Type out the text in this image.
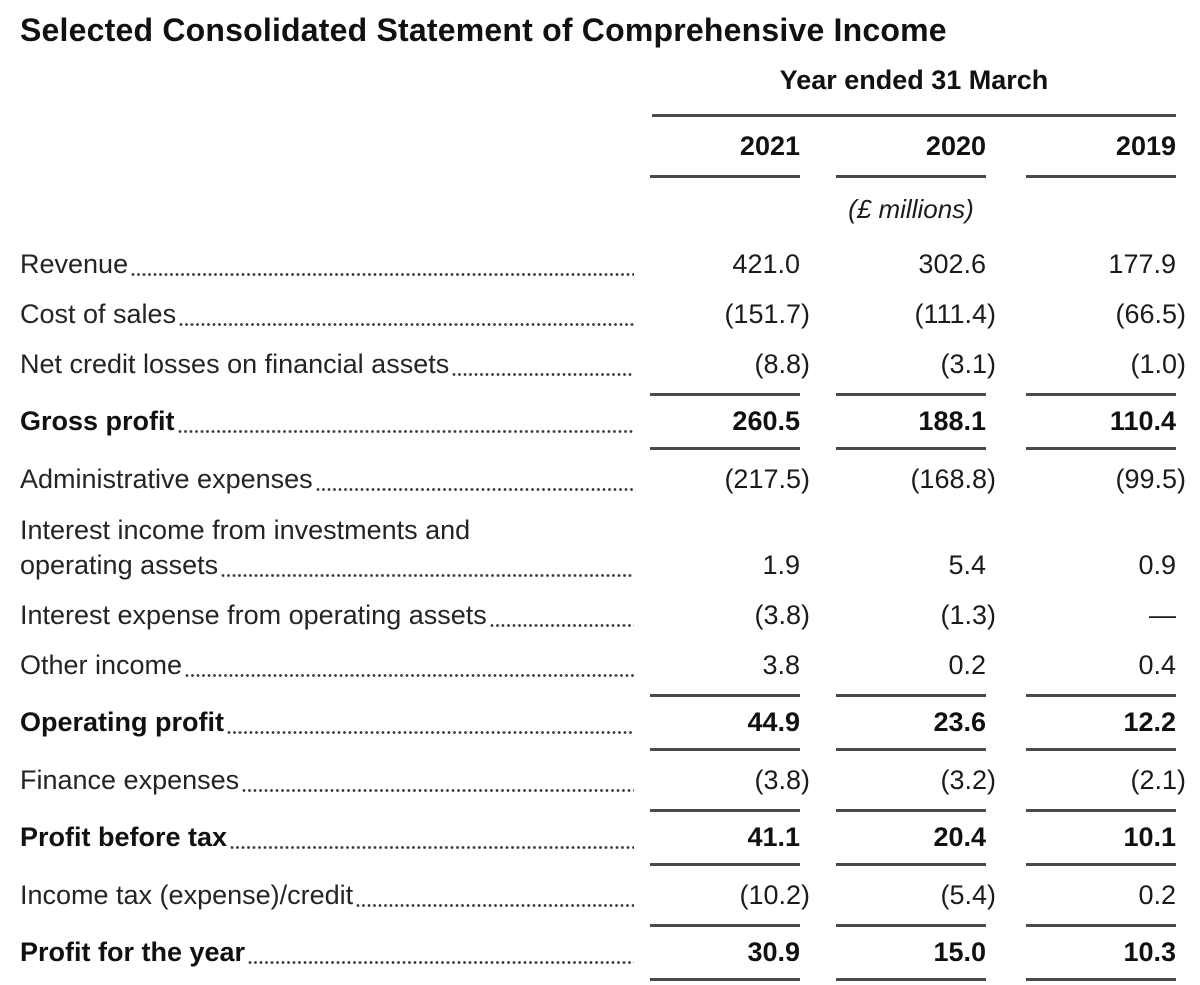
Selected Consolidated Statement of Comprehensive Income

	Year ended 31 March		

	2021	2020	2019

		(£ millions)	

Revenue	421.0	302.6	177.9

Cost of sales	(151.7)	(111.4)	(66.5)

Net credit losses on financial assets	(8.8)	(3.1)	(1.0)

Gross profit	260.5	188.1	110.4

Administrative expenses	(217.5)	(168.8)	(99.5)

Interest income from investments and
operating assets	1.9	5.4	0.9

Interest expense from operating assets	(3.8)	(1.3)	—

Other income	3.8	0.2	0.4

Operating profit	44.9	23.6	12.2

Finance expenses	(3.8)	(3.2)	(2.1)

Profit before tax	41.1	20.4	10.1

Income tax (expense)/credit	(10.2)	(5.4)	0.2

Profit for the year	30.9	15.0	10.3
